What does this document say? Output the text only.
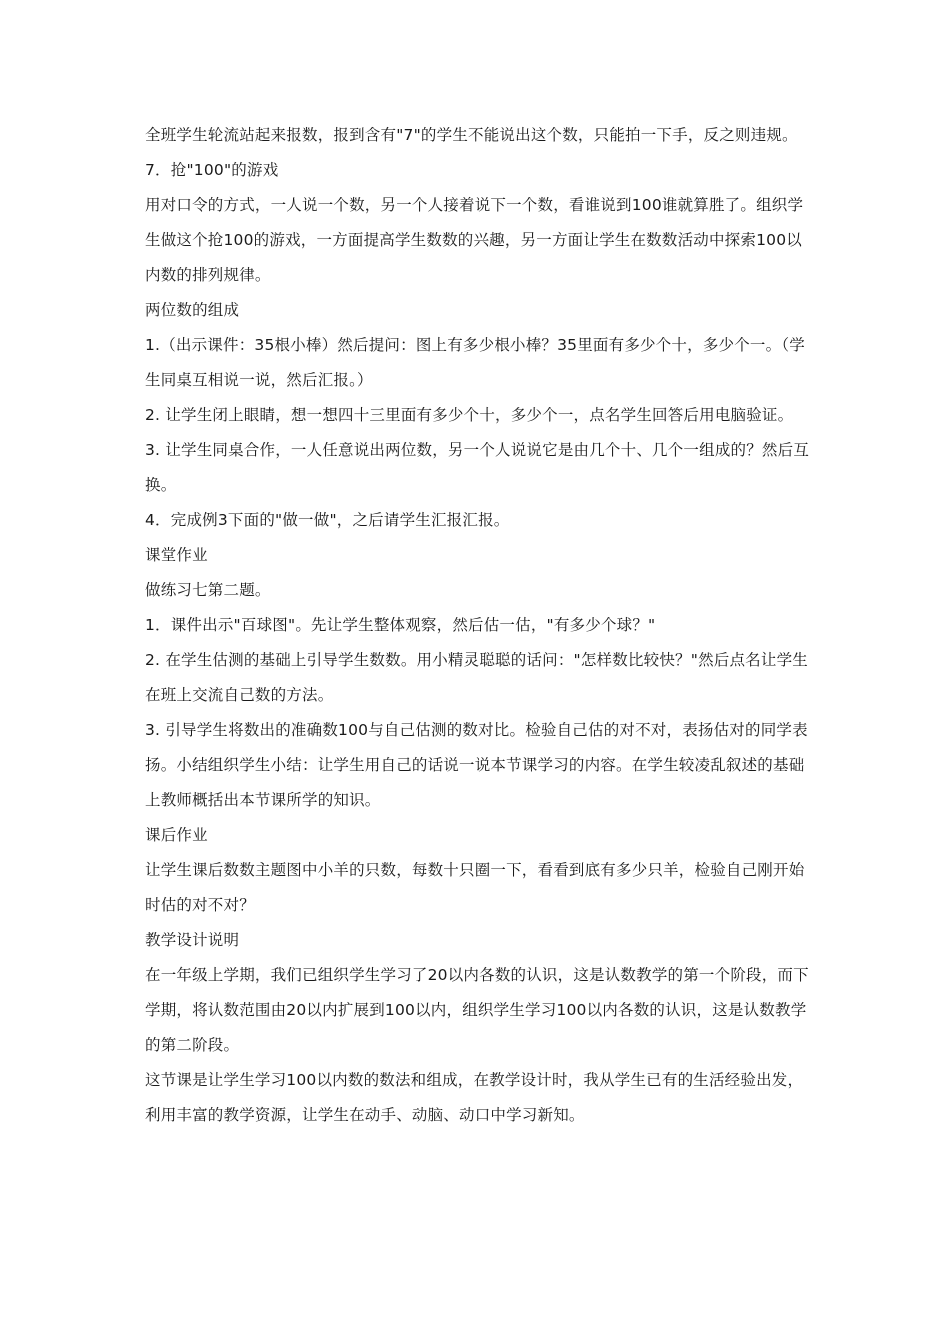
全班学生轮流站起来报数，报到含有"7"的学生不能说出这个数，只能拍一下手，反之则违规。

7．抢"100"的游戏

用对口令的方式，一人说一个数，另一个人接着说下一个数，看谁说到100谁就算胜了。组织学生做这个抢100的游戏，一方面提高学生数数的兴趣，另一方面让学生在数数活动中探索100以内数的排列规律。

两位数的组成

1.（出示课件：35根小棒）然后提问：图上有多少根小棒？35里面有多少个十，多少个一。（学生同桌互相说一说，然后汇报。）

2. 让学生闭上眼睛，想一想四十三里面有多少个十，多少个一，点名学生回答后用电脑验证。

3. 让学生同桌合作，一人任意说出两位数，另一个人说说它是由几个十、几个一组成的？然后互换。

4．完成例3下面的"做一做"，之后请学生汇报汇报。

课堂作业

做练习七第二题。

1．课件出示"百球图"。先让学生整体观察，然后估一估，"有多少个球？"

2. 在学生估测的基础上引导学生数数。用小精灵聪聪的话问："怎样数比较快？"然后点名让学生在班上交流自己数的方法。

3. 引导学生将数出的准确数100与自己估测的数对比。检验自己估的对不对，表扬估对的同学表扬。小结组织学生小结：让学生用自己的话说一说本节课学习的内容。在学生较凌乱叙述的基础上教师概括出本节课所学的知识。

课后作业

让学生课后数数主题图中小羊的只数，每数十只圈一下，看看到底有多少只羊，检验自己刚开始时估的对不对？

教学设计说明

在一年级上学期，我们已组织学生学习了20以内各数的认识，这是认数教学的第一个阶段，而下学期，将认数范围由20以内扩展到100以内，组织学生学习100以内各数的认识，这是认数教学的第二阶段。

这节课是让学生学习100以内数的数法和组成，在教学设计时，我从学生已有的生活经验出发，利用丰富的教学资源，让学生在动手、动脑、动口中学习新知。
